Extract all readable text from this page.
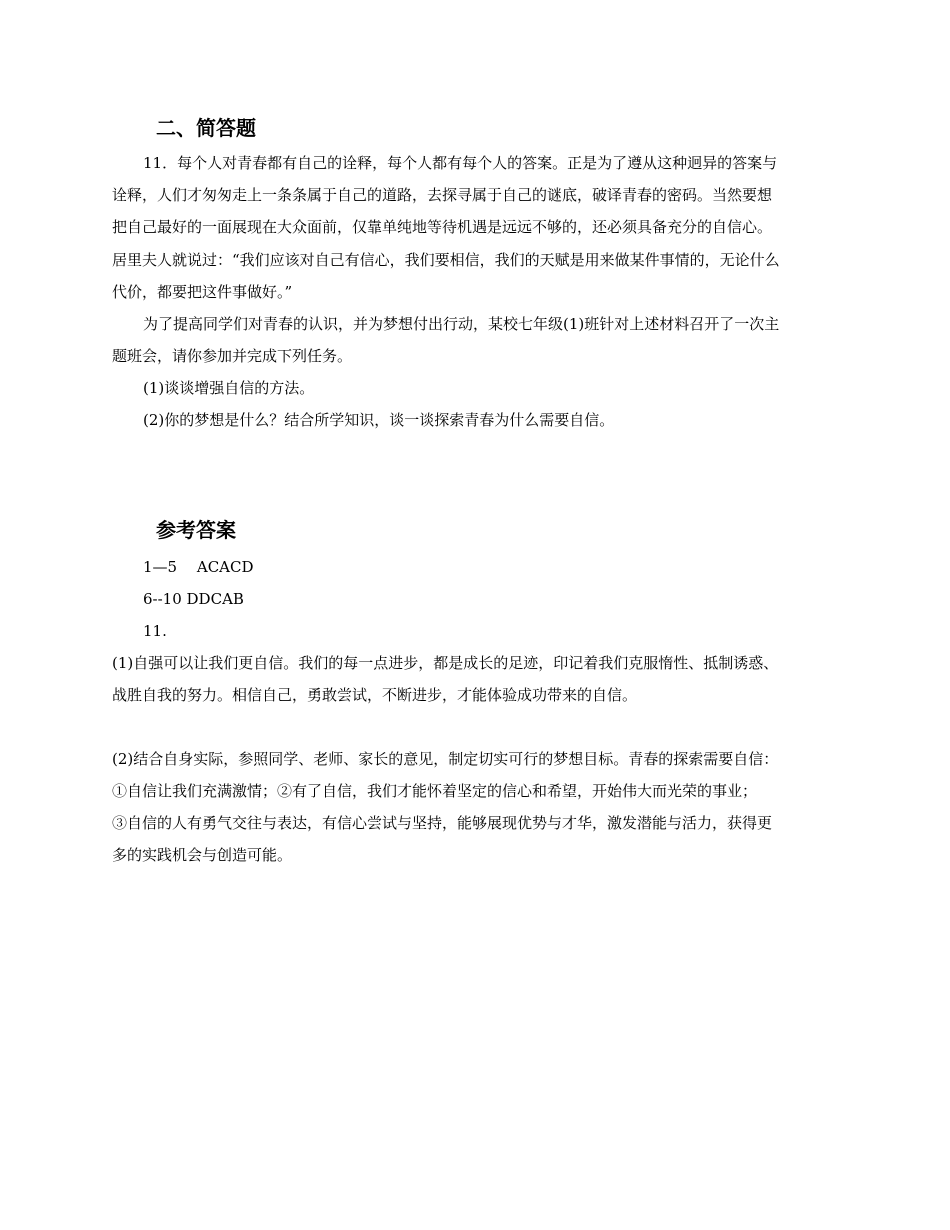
二、简答题
11．每个人对青春都有自己的诠释，每个人都有每个人的答案。正是为了遵从这种迥异的答案与
诠释，人们才匆匆走上一条条属于自己的道路，去探寻属于自己的谜底，破译青春的密码。当然要想
把自己最好的一面展现在大众面前，仅靠单纯地等待机遇是远远不够的，还必须具备充分的自信心。
居里夫人就说过：“我们应该对自己有信心，我们要相信，我们的天赋是用来做某件事情的，无论什么
代价，都要把这件事做好。”
为了提高同学们对青春的认识，并为梦想付出行动，某校七年级(1)班针对上述材料召开了一次主
题班会，请你参加并完成下列任务。
(1)谈谈增强自信的方法。
(2)你的梦想是什么？结合所学知识，谈一谈探索青春为什么需要自信。
参考答案
1—5　 ACACD
6--10 DDCAB
11.
(1)自强可以让我们更自信。我们的每一点进步，都是成长的足迹，印记着我们克服惰性、抵制诱惑、
战胜自我的努力。相信自己，勇敢尝试，不断进步，才能体验成功带来的自信。
(2)结合自身实际，参照同学、老师、家长的意见，制定切实可行的梦想目标。青春的探索需要自信：
①自信让我们充满激情；②有了自信，我们才能怀着坚定的信心和希望，开始伟大而光荣的事业；
③自信的人有勇气交往与表达，有信心尝试与坚持，能够展现优势与才华，激发潜能与活力，获得更
多的实践机会与创造可能。
